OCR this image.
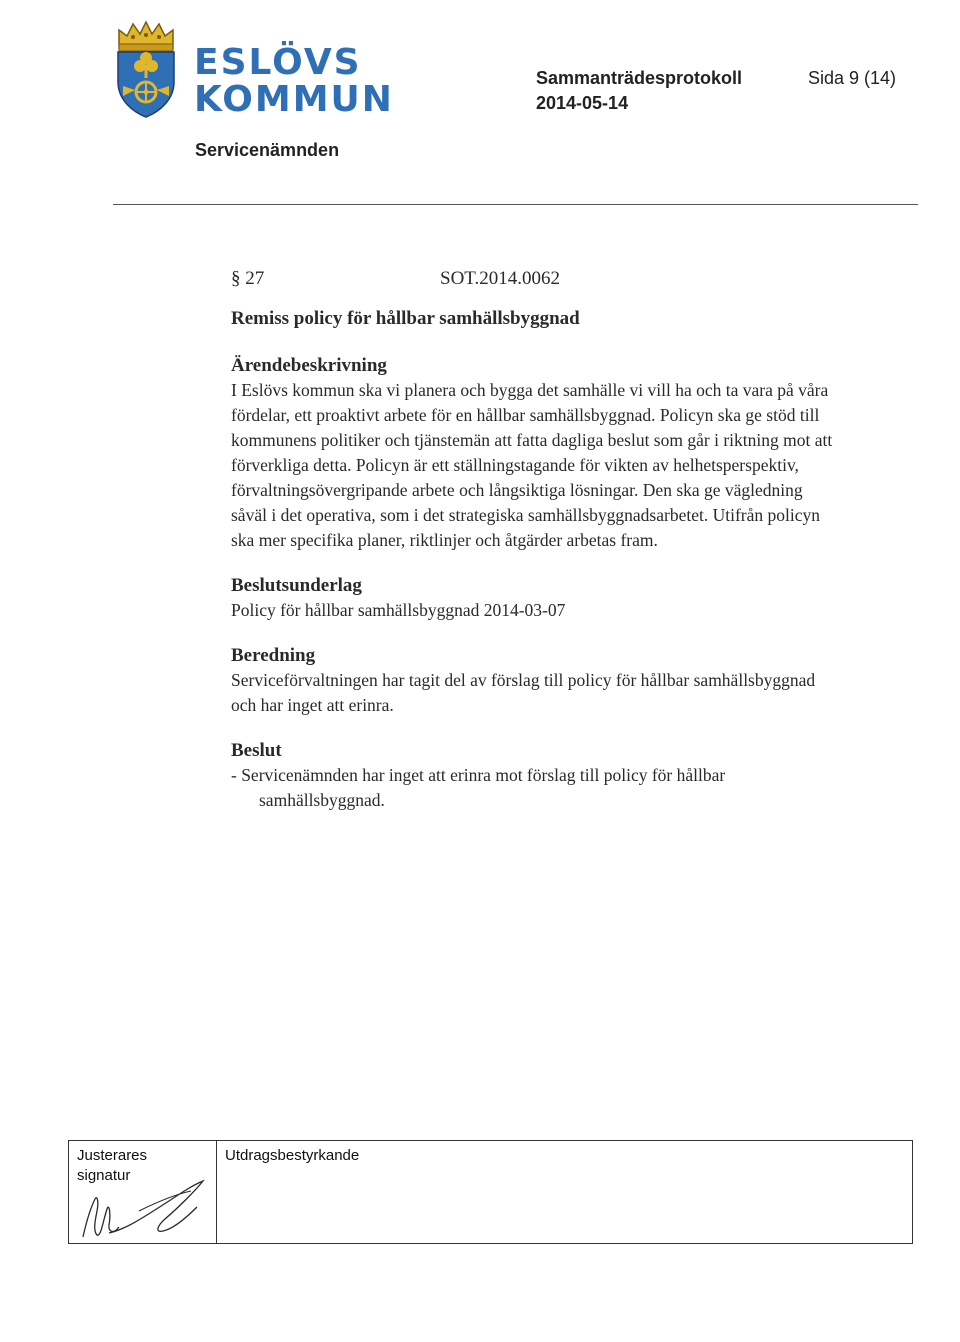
ESLÖVS
KOMMUN
Sammanträdesprotokoll	Sida 9 (14)
2014-05-14
Servicenämnden
§ 27	SOT.2014.0062

Remiss policy för hållbar samhällsbyggnad

Ärendebeskrivning

I Eslövs kommun ska vi planera och bygga det samhälle vi vill ha och ta vara på våra fördelar, ett proaktivt arbete för en hållbar samhällsbyggnad. Policyn ska ge stöd till kommunens politiker och tjänstemän att fatta dagliga beslut som går i riktning mot att förverkliga detta. Policyn är ett ställningstagande för vikten av helhetsperspektiv, förvaltningsövergripande arbete och långsiktiga lösningar. Den ska ge vägledning såväl i det operativa, som i det strategiska samhällsbyggnadsarbetet. Utifrån policyn ska mer specifika planer, riktlinjer och åtgärder arbetas fram.

Beslutsunderlag

Policy för hållbar samhällsbyggnad 2014-03-07

Beredning

Serviceförvaltningen har tagit del av förslag till policy för hållbar samhällsbyggnad och har inget att erinra.

Beslut

- Servicenämnden har inget att erinra mot förslag till policy för hållbar samhällsbyggnad.

Justerares
signatur
Utdragsbestyrkande
